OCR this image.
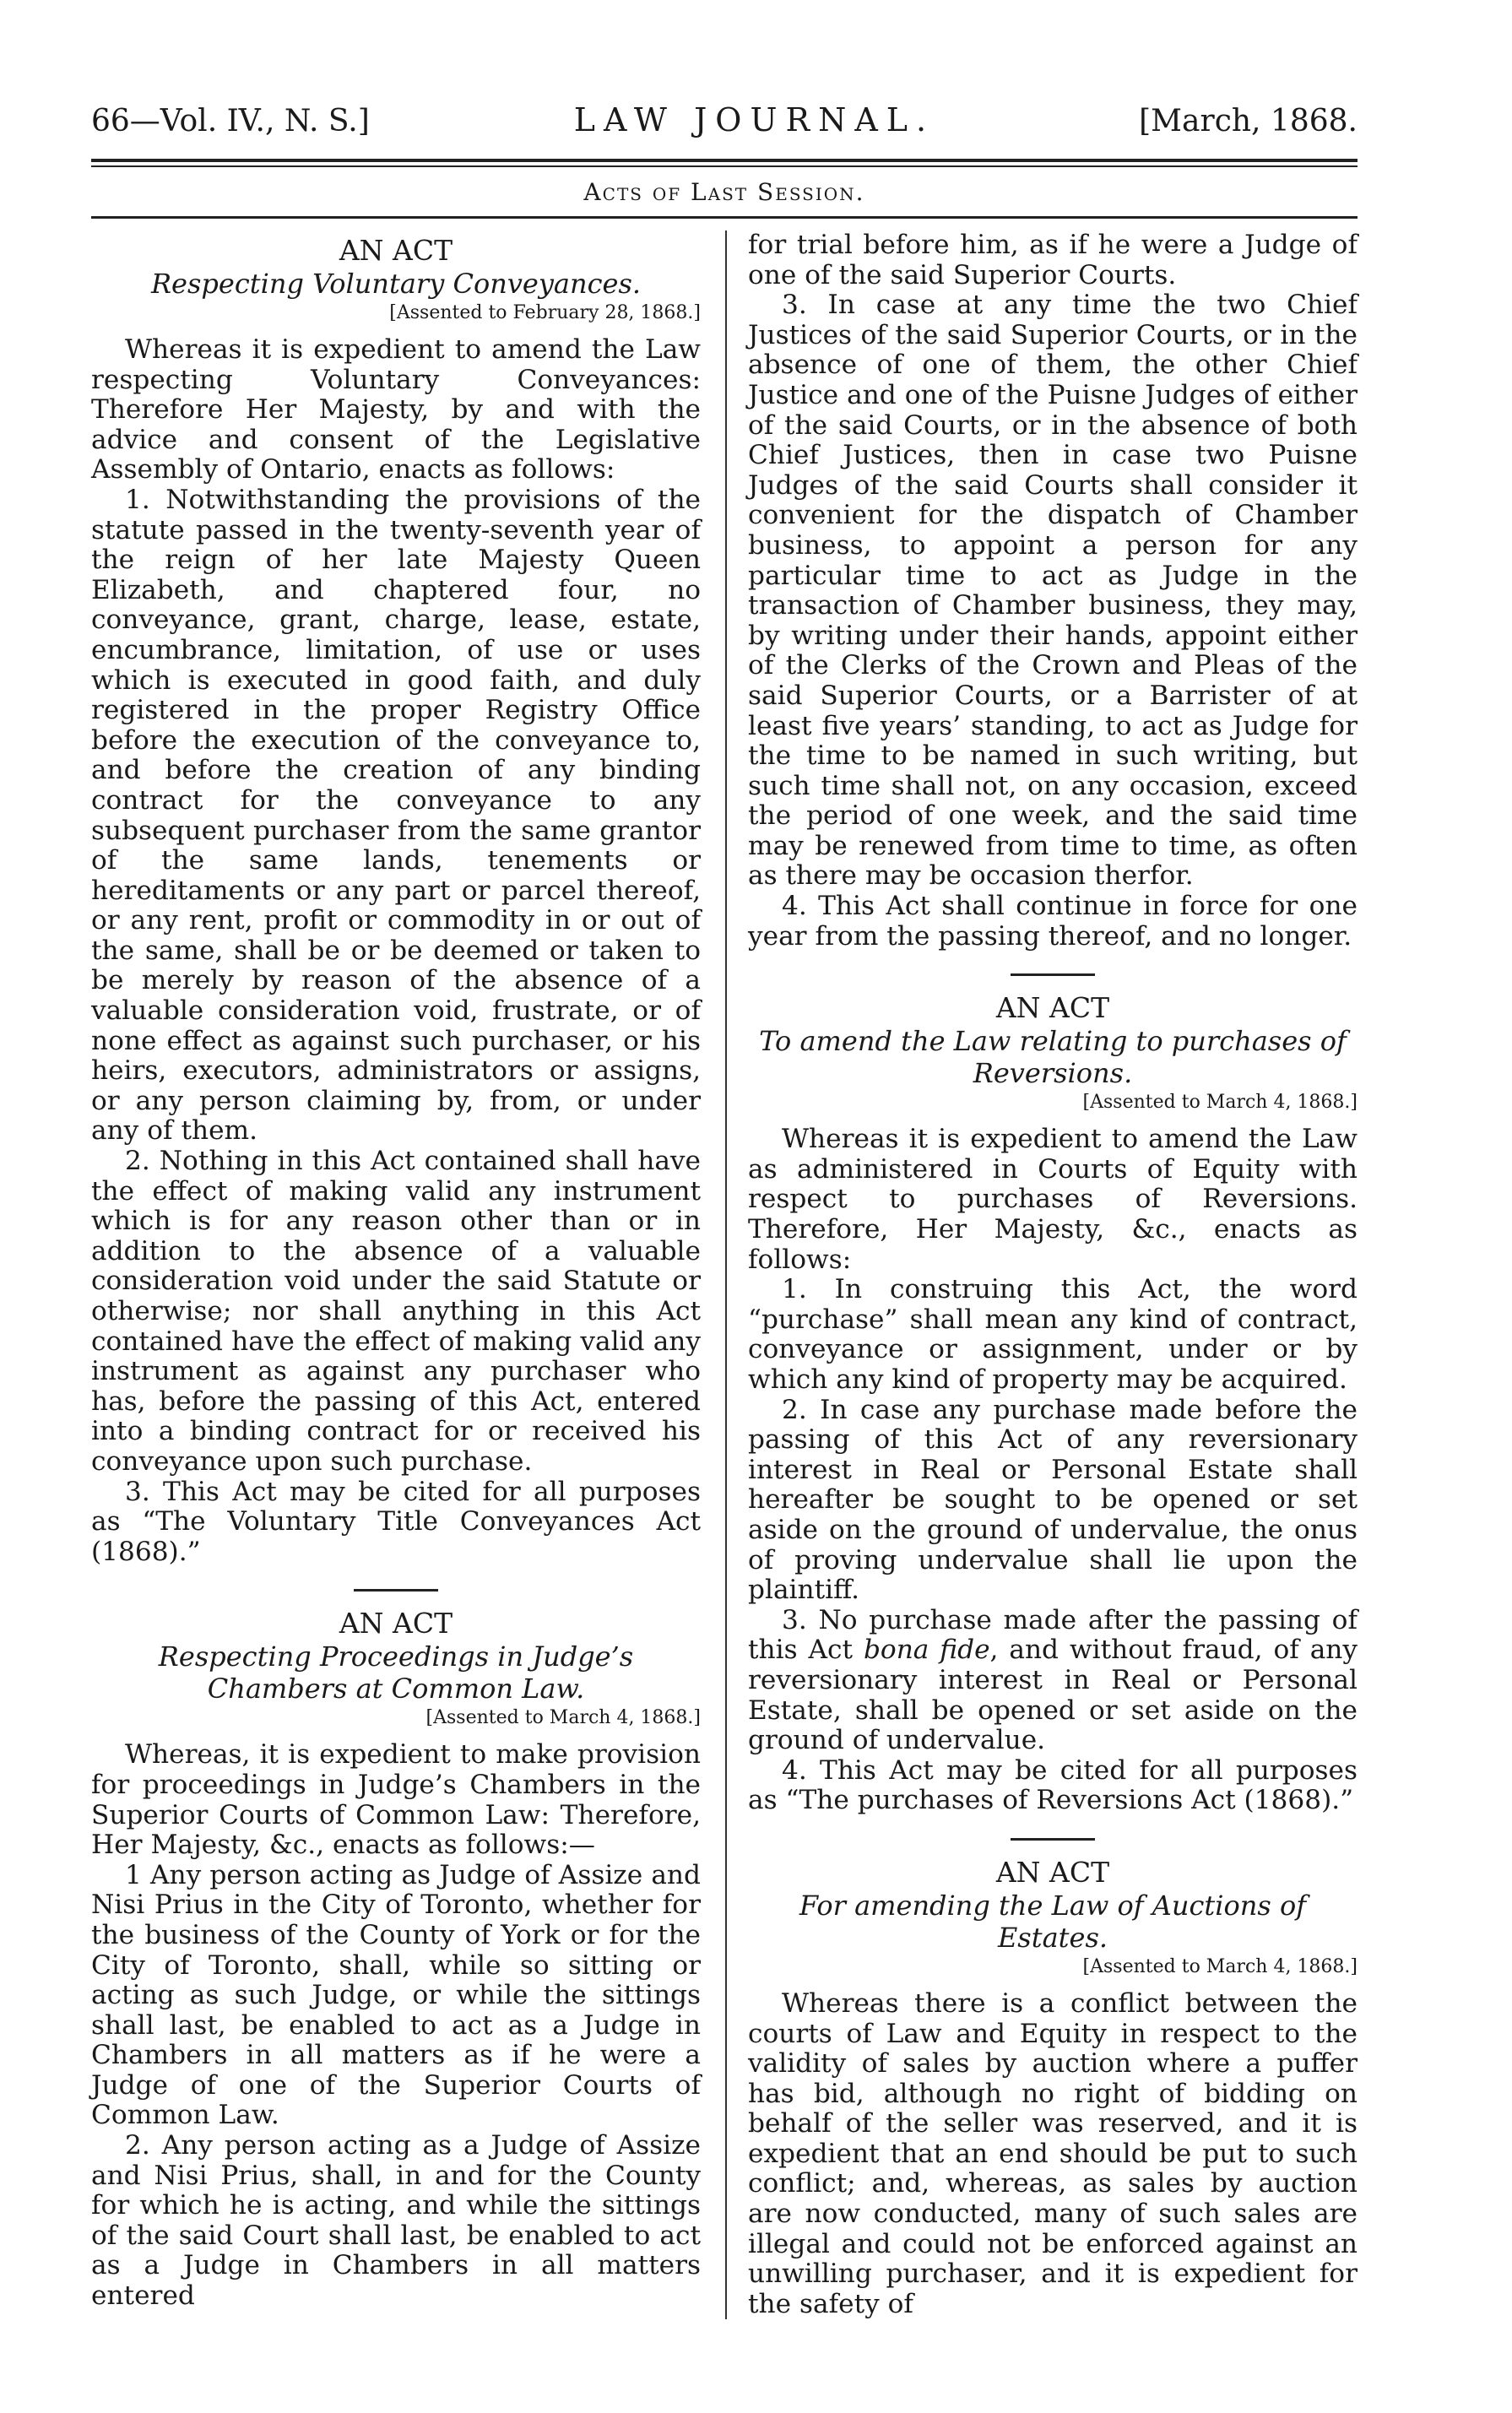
66—Vol. IV., N. S.]	LAW JOURNAL.	[March, 1868.
Acts of Last Session.
AN ACT
Respecting Voluntary Conveyances.
[Assented to February 28, 1868.]

Whereas it is expedient to amend the Law respecting Voluntary Conveyances: Therefore Her Majesty, by and with the advice and consent of the Legislative Assembly of Ontario, enacts as follows:

1. Notwithstanding the provisions of the statute passed in the twenty-seventh year of the reign of her late Majesty Queen Elizabeth, and chaptered four, no conveyance, grant, charge, lease, estate, encumbrance, limitation, of use or uses which is executed in good faith, and duly registered in the proper Registry Office before the execution of the conveyance to, and before the creation of any binding contract for the conveyance to any subsequent purchaser from the same grantor of the same lands, tenements or hereditaments or any part or parcel thereof, or any rent, profit or commodity in or out of the same, shall be or be deemed or taken to be merely by reason of the absence of a valuable consideration void, frustrate, or of none effect as against such purchaser, or his heirs, executors, administrators or assigns, or any person claiming by, from, or under any of them.

2. Nothing in this Act contained shall have the effect of making valid any instrument which is for any reason other than or in addition to the absence of a valuable consideration void under the said Statute or otherwise; nor shall anything in this Act contained have the effect of making valid any instrument as against any purchaser who has, before the passing of this Act, entered into a binding contract for or received his conveyance upon such purchase.

3. This Act may be cited for all purposes as “The Voluntary Title Conveyances Act (1868).”

AN ACT
Respecting Proceedings in Judge’s Chambers at Common Law.
[Assented to March 4, 1868.]

Whereas, it is expedient to make provision for proceedings in Judge’s Chambers in the Superior Courts of Common Law: Therefore, Her Majesty, &c., enacts as follows:—

1 Any person acting as Judge of Assize and Nisi Prius in the City of Toronto, whether for the business of the County of York or for the City of Toronto, shall, while so sitting or acting as such Judge, or while the sittings shall last, be enabled to act as a Judge in Chambers in all matters as if he were a Judge of one of the Superior Courts of Common Law.

2. Any person acting as a Judge of Assize and Nisi Prius, shall, in and for the County for which he is acting, and while the sittings of the said Court shall last, be enabled to act as a Judge in Chambers in all matters entered

for trial before him, as if he were a Judge of one of the said Superior Courts.

3. In case at any time the two Chief Justices of the said Superior Courts, or in the absence of one of them, the other Chief Justice and one of the Puisne Judges of either of the said Courts, or in the absence of both Chief Justices, then in case two Puisne Judges of the said Courts shall consider it convenient for the dispatch of Chamber business, to appoint a person for any particular time to act as Judge in the transaction of Chamber business, they may, by writing under their hands, appoint either of the Clerks of the Crown and Pleas of the said Superior Courts, or a Barrister of at least five years’ standing, to act as Judge for the time to be named in such writing, but such time shall not, on any occasion, exceed the period of one week, and the said time may be renewed from time to time, as often as there may be occasion therfor.

4. This Act shall continue in force for one year from the passing thereof, and no longer.

AN ACT
To amend the Law relating to purchases of Reversions.
[Assented to March 4, 1868.]

Whereas it is expedient to amend the Law as administered in Courts of Equity with respect to purchases of Reversions. Therefore, Her Majesty, &c., enacts as follows:

1. In construing this Act, the word “purchase” shall mean any kind of contract, conveyance or assignment, under or by which any kind of property may be acquired.

2. In case any purchase made before the passing of this Act of any reversionary interest in Real or Personal Estate shall hereafter be sought to be opened or set aside on the ground of undervalue, the onus of proving undervalue shall lie upon the plaintiff.

3. No purchase made after the passing of this Act bona fide, and without fraud, of any reversionary interest in Real or Personal Estate, shall be opened or set aside on the ground of undervalue.

4. This Act may be cited for all purposes as “The purchases of Reversions Act (1868).”

AN ACT
For amending the Law of Auctions of Estates.
[Assented to March 4, 1868.]

Whereas there is a conflict between the courts of Law and Equity in respect to the validity of sales by auction where a puffer has bid, although no right of bidding on behalf of the seller was reserved, and it is expedient that an end should be put to such conflict; and, whereas, as sales by auction are now conducted, many of such sales are illegal and could not be enforced against an unwilling purchaser, and it is expedient for the safety of
